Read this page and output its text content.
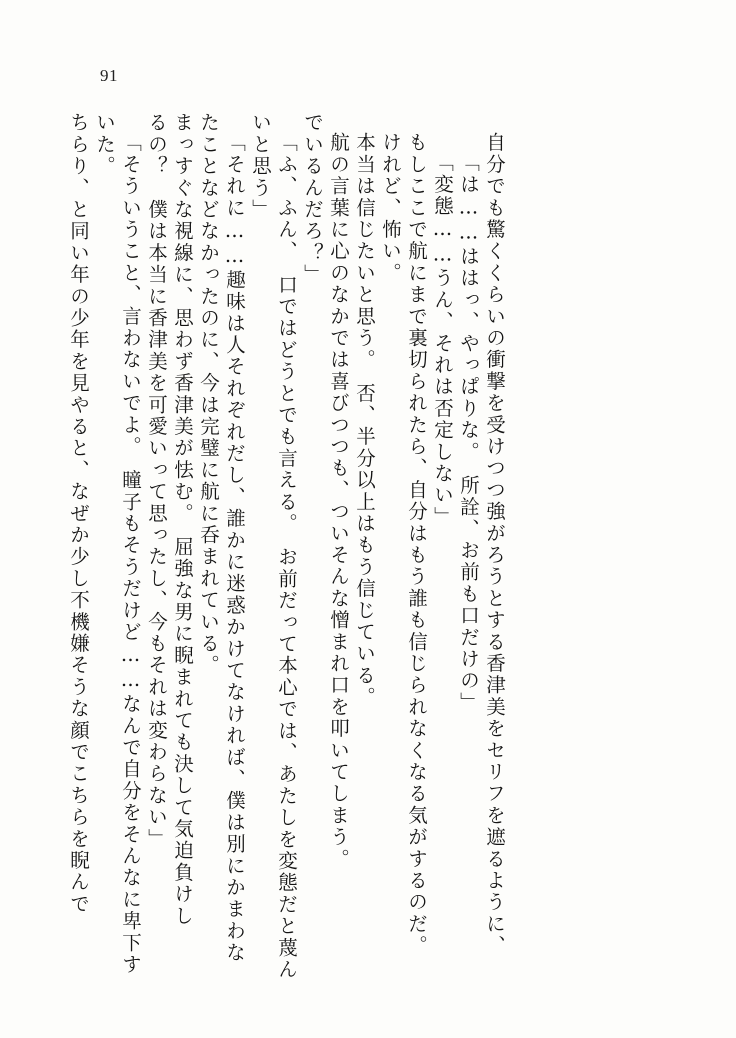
91
ちらり、と同い年の少年を見やると、なぜか少し不機嫌そうな顔でこちらを睨んで いた。 「そういうこと、言わないでよ。　瞳子もそうだけど……なんで自分をそんなに卑下す るの？　僕は本当に香津美を可愛いって思ったし、今もそれは変わらない」 まっすぐな視線に、思わず香津美が怯む。　屈強な男に睨まれても決して気迫負けし たことなどなかったのに、今は完璧に航に呑まれている。 「それに……趣味は人それぞれだし、誰かに迷惑かけてなければ、僕は別にかまわな いと思う」 「ふ、ふん、　口ではどうとでも言える。　お前だって本心では、あたしを変態だと蔑ん でいるんだろ？」 航の言葉に心のなかでは喜びつつも、ついそんな憎まれ口を叩いてしまう。 本当は信じたいと思う。　否、半分以上はもう信じている。 けれど、怖い。 もしここで航にまで裏切られたら、自分はもう誰も信じられなくなる気がするのだ。 「変態……うん、それは否定しない」 「は……ははっ、やっぱりな。　所詮、お前も口だけの」 自分でも驚くくらいの衝撃を受けつつ強がろうとする香津美をセリフを遮るように、
